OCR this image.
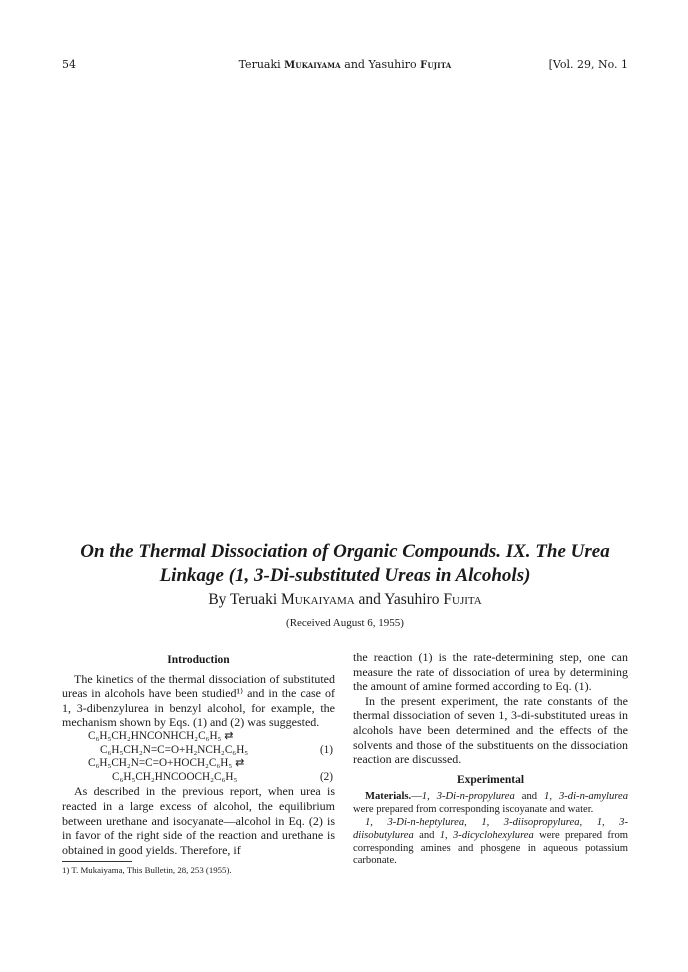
54	Teruaki Mukaiyama and Yasuhiro Fujita	[Vol. 29, No. 1
On the Thermal Dissociation of Organic Compounds. IX. The Urea
Linkage (1, 3-Di-substituted Ureas in Alcohols)
By Teruaki Mukaiyama and Yasuhiro Fujita
(Received August 6, 1955)
Introduction

The kinetics of the thermal dissociation of substituted ureas in alcohols have been studied¹⁾ and in the case of 1, 3-dibenzylurea in benzyl alcohol, for example, the mechanism shown by Eqs. (1) and (2) was suggested.

C₆H₅CH₂HNCONHCH₂C₆H₅ ⇄
C₆H₅CH₂N=C=O+H₂NCH₂C₆H₅	(1)
C₆H₅CH₂N=C=O+HOCH₂C₆H₅ ⇄
C₆H₅CH₂HNCOOCH₂C₆H₅	(2)

As described in the previous report, when urea is reacted in a large excess of alcohol, the equilibrium between urethane and isocyanate—alcohol in Eq. (2) is in favor of the right side of the reaction and urethane is obtained in good yields. Therefore, if

1) T. Mukaiyama, This Bulletin, 28, 253 (1955).

the reaction (1) is the rate-determining step, one can measure the rate of dissociation of urea by determining the amount of amine formed according to Eq. (1).

In the present experiment, the rate constants of the thermal dissociation of seven 1, 3-di-substituted ureas in alcohols have been determined and the effects of the solvents and those of the substituents on the dissociation reaction are discussed.

Experimental

Materials.—1, 3-Di-n-propylurea and 1, 3-di-n-amylurea were prepared from corresponding iscoyanate and water.

1, 3-Di-n-heptylurea, 1, 3-diisopropylurea, 1, 3-diisobutylurea and 1, 3-dicyclohexylurea were prepared from corresponding amines and phosgene in aqueous potassium carbonate.
